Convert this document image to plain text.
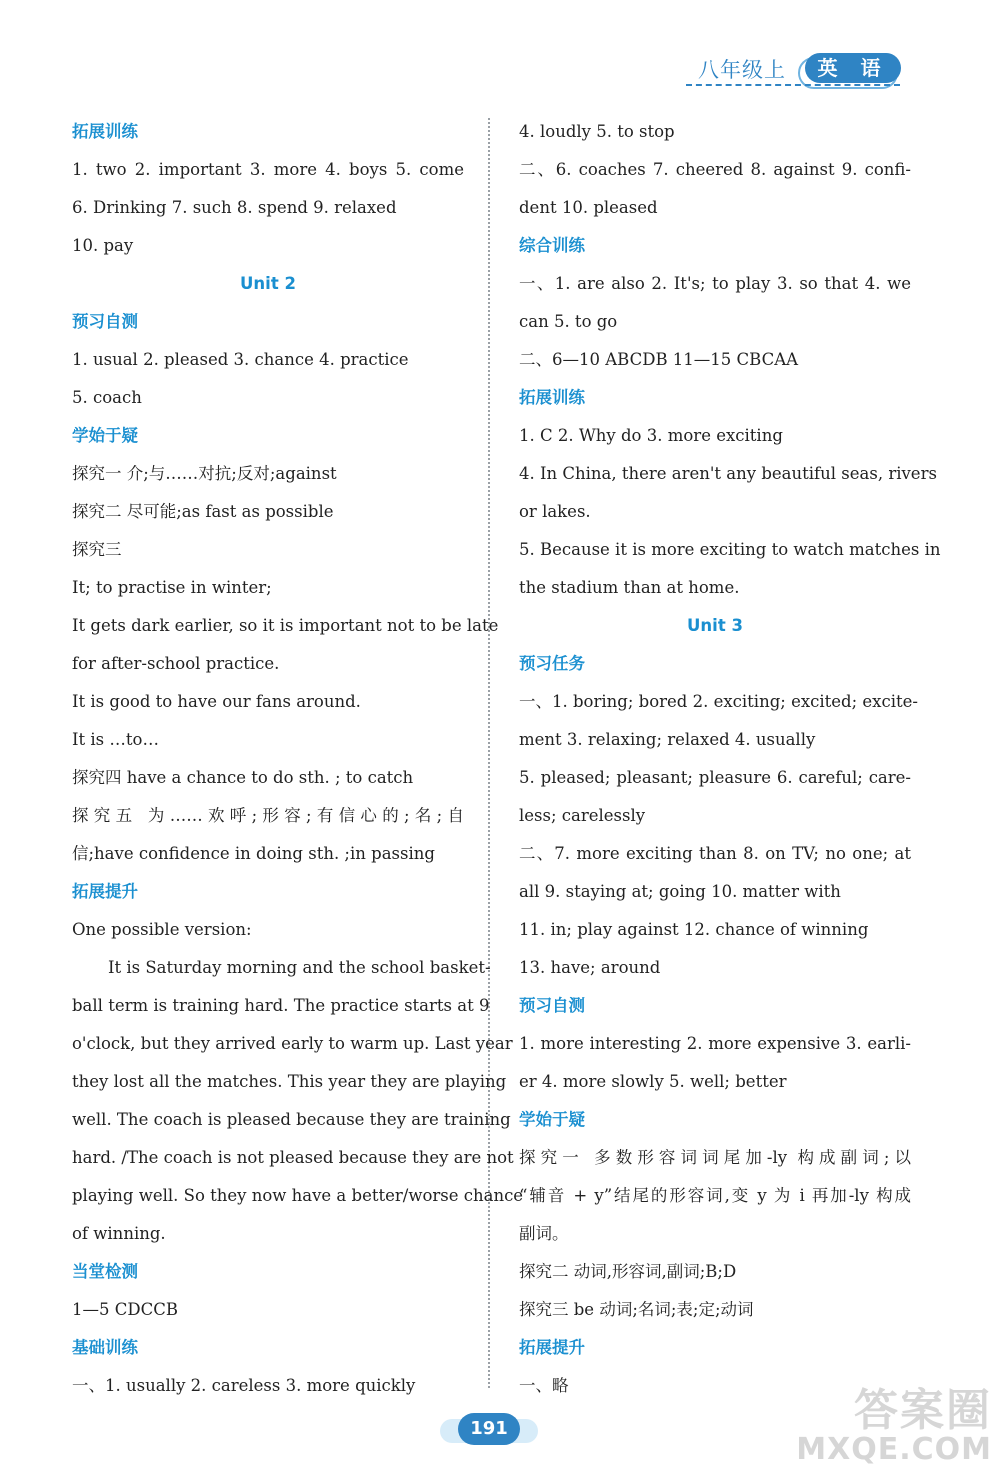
八年级上	英 语
拓展训练
1. two 2. important 3. more 4. boys 5. come
6. Drinking 7. such 8. spend 9. relaxed
10. pay
Unit 2
预习自测
1. usual 2. pleased 3. chance 4. practice
5. coach
学始于疑
探究一 介;与……对抗;反对;against
探究二 尽可能;as fast as possible
探究三
It; to practise in winter;
It gets dark earlier, so it is important not to be late
for after-school practice.
It is good to have our fans around.
It is …to…
探究四 have a chance to do sth. ; to catch
探究五 为……欢呼;形容;有信心的;名;自
信;have confidence in doing sth. ;in passing
拓展提升
One possible version:
It is Saturday morning and the school basket-
ball term is training hard. The practice starts at 9
o'clock, but they arrived early to warm up. Last year
they lost all the matches. This year they are playing
well. The coach is pleased because they are training
hard. /The coach is not pleased because they are not
playing well. So they now have a better/worse chance
of winning.
当堂检测
1—5 CDCCB
基础训练
一、1. usually 2. careless 3. more quickly
4. loudly 5. to stop
二、6. coaches 7. cheered 8. against 9. confi-
dent 10. pleased
综合训练
一、1. are also 2. It's; to play 3. so that 4. we
can 5. to go
二、6—10 ABCDB 11—15 CBCAA
拓展训练
1. C 2. Why do 3. more exciting
4. In China, there aren't any beautiful seas, rivers
or lakes.
5. Because it is more exciting to watch matches in
the stadium than at home.
Unit 3
预习任务
一、1. boring; bored 2. exciting; excited; excite-
ment 3. relaxing; relaxed 4. usually
5. pleased; pleasant; pleasure 6. careful; care-
less; carelessly
二、7. more exciting than 8. on TV; no one; at
all 9. staying at; going 10. matter with
11. in; play against 12. chance of winning
13. have; around
预习自测
1. more interesting 2. more expensive 3. earli-
er 4. more slowly 5. well; better
学始于疑
探究一 多数形容词词尾加-ly 构成副词;以
“辅音 + y”结尾的形容词,变 y 为 i 再加-ly 构成
副词。
探究二 动词,形容词,副词;B;D
探究三 be 动词;名词;表;定;动词
拓展提升
一、略
191	答案圈
MXQE.COM
